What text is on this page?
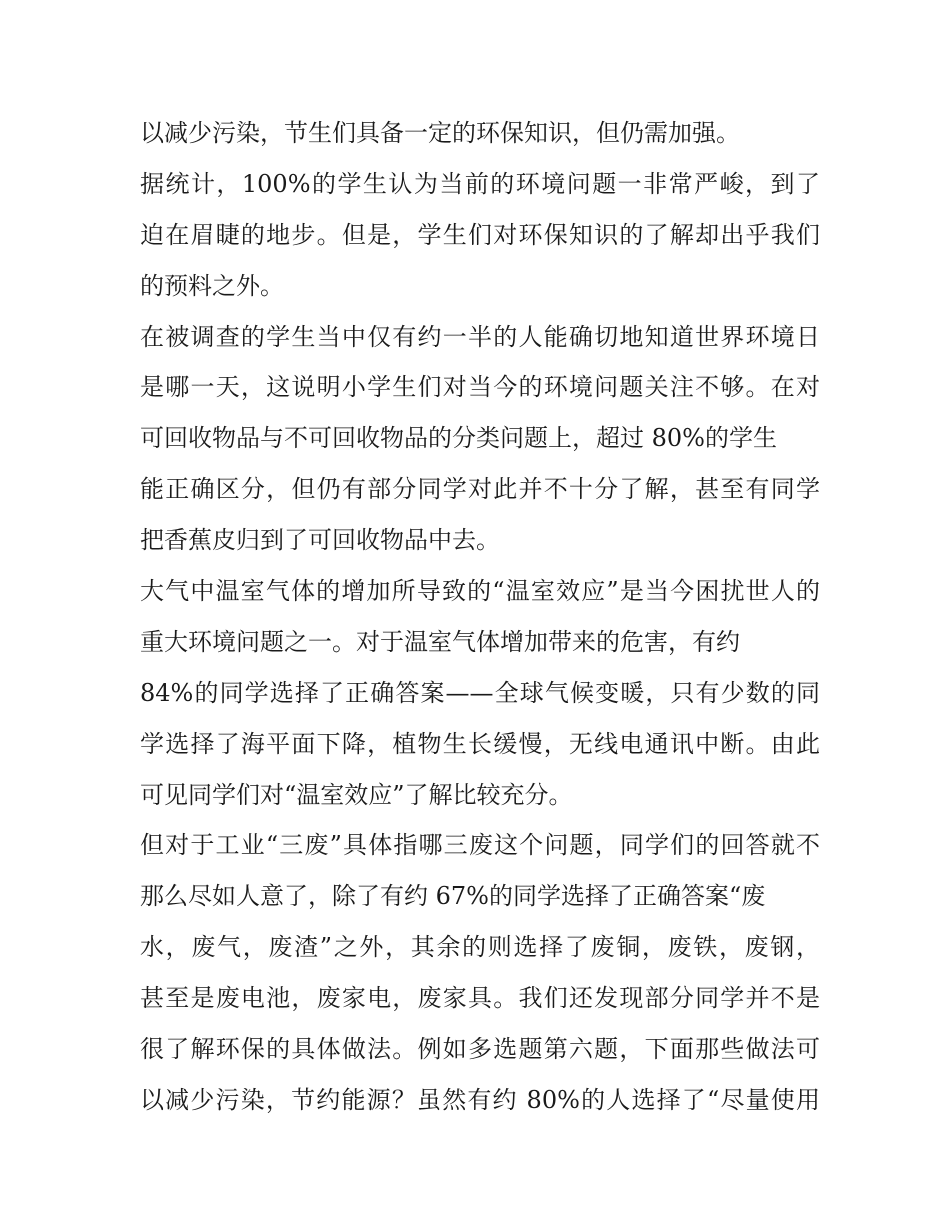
以减少污染，节生们具备一定的环保知识，但仍需加强。
据统计，100%的学生认为当前的环境问题一非常严峻，到了
迫在眉睫的地步。但是，学生们对环保知识的了解却出乎我们
的预料之外。
在被调查的学生当中仅有约一半的人能确切地知道世界环境日
是哪一天，这说明小学生们对当今的环境问题关注不够。在对
可回收物品与不可回收物品的分类问题上，超过 80%的学生
能正确区分，但仍有部分同学对此并不十分了解，甚至有同学
把香蕉皮归到了可回收物品中去。
大气中温室气体的增加所导致的“温室效应”是当今困扰世人的
重大环境问题之一。对于温室气体增加带来的危害，有约
84%的同学选择了正确答案——全球气候变暖，只有少数的同
学选择了海平面下降，植物生长缓慢，无线电通讯中断。由此
可见同学们对“温室效应”了解比较充分。
但对于工业“三废”具体指哪三废这个问题，同学们的回答就不
那么尽如人意了，除了有约 67%的同学选择了正确答案“废
水，废气，废渣”之外，其余的则选择了废铜，废铁，废钢，
甚至是废电池，废家电，废家具。我们还发现部分同学并不是
很了解环保的具体做法。例如多选题第六题，下面那些做法可
以减少污染，节约能源？虽然有约 80%的人选择了“尽量使用
